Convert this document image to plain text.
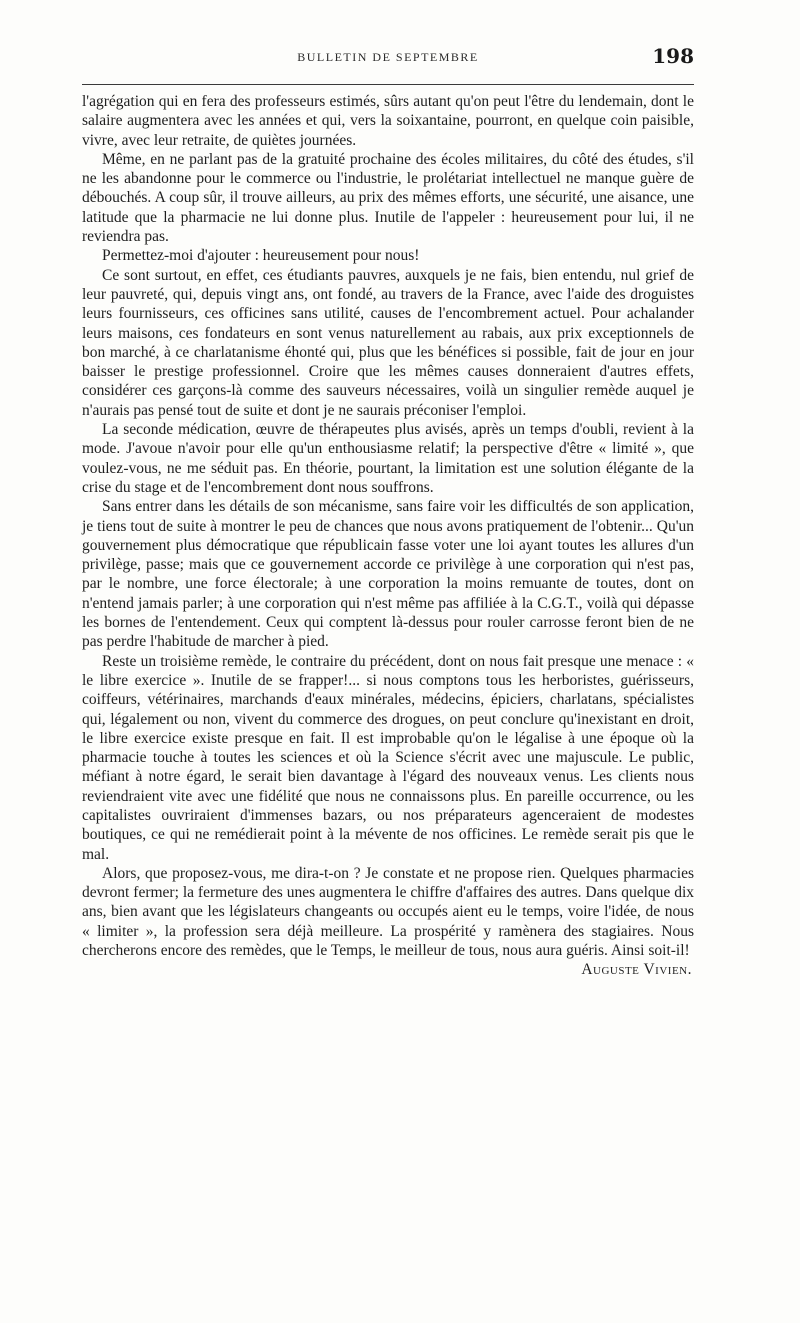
BULLETIN DE SEPTEMBRE	198

l'agrégation qui en fera des professeurs estimés, sûrs autant qu'on peut l'être du lendemain, dont le salaire augmentera avec les années et qui, vers la soixantaine, pourront, en quelque coin paisible, vivre, avec leur retraite, de quiètes journées.

Même, en ne parlant pas de la gratuité prochaine des écoles militaires, du côté des études, s'il ne les abandonne pour le commerce ou l'industrie, le prolétariat intellectuel ne manque guère de débouchés. A coup sûr, il trouve ailleurs, au prix des mêmes efforts, une sécurité, une aisance, une latitude que la pharmacie ne lui donne plus. Inutile de l'appeler : heureusement pour lui, il ne reviendra pas.

Permettez-moi d'ajouter : heureusement pour nous!

Ce sont surtout, en effet, ces étudiants pauvres, auxquels je ne fais, bien entendu, nul grief de leur pauvreté, qui, depuis vingt ans, ont fondé, au travers de la France, avec l'aide des droguistes leurs fournisseurs, ces officines sans utilité, causes de l'encombrement actuel. Pour achalander leurs maisons, ces fondateurs en sont venus naturellement au rabais, aux prix exceptionnels de bon marché, à ce charlatanisme éhonté qui, plus que les bénéfices si possible, fait de jour en jour baisser le prestige professionnel. Croire que les mêmes causes donneraient d'autres effets, considérer ces garçons-là comme des sauveurs nécessaires, voilà un singulier remède auquel je n'aurais pas pensé tout de suite et dont je ne saurais préconiser l'emploi.

La seconde médication, œuvre de thérapeutes plus avisés, après un temps d'oubli, revient à la mode. J'avoue n'avoir pour elle qu'un enthousiasme relatif; la perspective d'être « limité », que voulez-vous, ne me séduit pas. En théorie, pourtant, la limitation est une solution élégante de la crise du stage et de l'encombrement dont nous souffrons.

Sans entrer dans les détails de son mécanisme, sans faire voir les difficultés de son application, je tiens tout de suite à montrer le peu de chances que nous avons pratiquement de l'obtenir... Qu'un gouvernement plus démocratique que républicain fasse voter une loi ayant toutes les allures d'un privilège, passe; mais que ce gouvernement accorde ce privilège à une corporation qui n'est pas, par le nombre, une force électorale; à une corporation la moins remuante de toutes, dont on n'entend jamais parler; à une corporation qui n'est même pas affiliée à la C.G.T., voilà qui dépasse les bornes de l'entendement. Ceux qui comptent là-dessus pour rouler carrosse feront bien de ne pas perdre l'habitude de marcher à pied.

Reste un troisième remède, le contraire du précédent, dont on nous fait presque une menace : « le libre exercice ». Inutile de se frapper!... si nous comptons tous les herboristes, guérisseurs, coiffeurs, vétérinaires, marchands d'eaux minérales, médecins, épiciers, charlatans, spécialistes qui, légalement ou non, vivent du commerce des drogues, on peut conclure qu'inexistant en droit, le libre exercice existe presque en fait. Il est improbable qu'on le légalise à une époque où la pharmacie touche à toutes les sciences et où la Science s'écrit avec une majuscule. Le public, méfiant à notre égard, le serait bien davantage à l'égard des nouveaux venus. Les clients nous reviendraient vite avec une fidélité que nous ne connaissons plus. En pareille occurrence, ou les capitalistes ouvriraient d'immenses bazars, ou nos préparateurs agenceraient de modestes boutiques, ce qui ne remédierait point à la mévente de nos officines. Le remède serait pis que le mal.

Alors, que proposez-vous, me dira-t-on ? Je constate et ne propose rien. Quelques pharmacies devront fermer; la fermeture des unes augmentera le chiffre d'affaires des autres. Dans quelque dix ans, bien avant que les législateurs changeants ou occupés aient eu le temps, voire l'idée, de nous « limiter », la profession sera déjà meilleure. La prospérité y ramènera des stagiaires. Nous chercherons encore des remèdes, que le Temps, le meilleur de tous, nous aura guéris. Ainsi soit-il!
Auguste Vivien.
